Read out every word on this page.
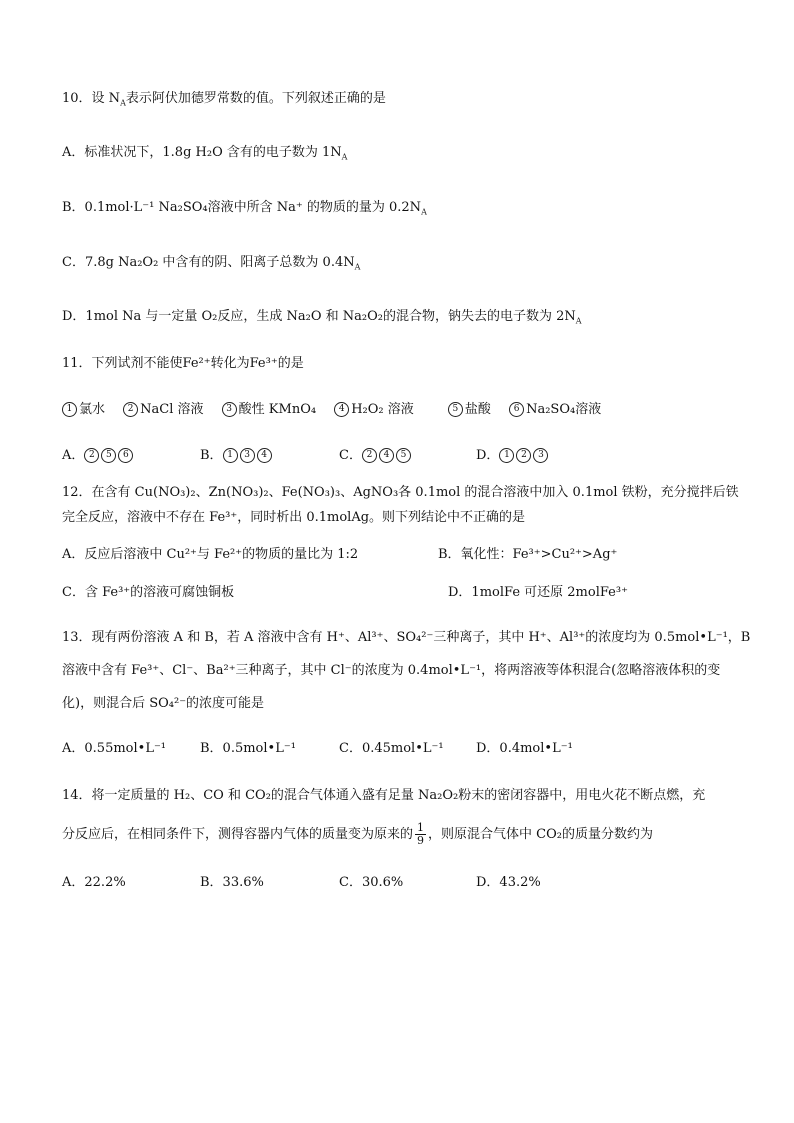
10．设 $N_A$表示阿伏加德罗常数的值。下列叙述正确的是
A．标准状况下，1.8g H₂O 含有的电子数为 $1N_A$
B．0.1mol·L⁻¹ Na₂SO₄溶液中所含 Na⁺ 的物质的量为 $0.2N_A$
C．7.8g Na₂O₂ 中含有的阴、阳离子总数为 $0.4N_A$
D．1mol Na 与一定量 O₂反应，生成 Na₂O 和 Na₂O₂的混合物，钠失去的电子数为 $2N_A$
11．下列试剂不能使Fe²⁺转化为Fe³⁺的是
1 氯水	2 NaCl 溶液	3 酸性 KMnO₄	4 H₂O₂ 溶液	5 盐酸	6 Na₂SO₄溶液
A． 2 5 6	B． 1 3 4	C． 2 4 5	D． 1 2 3
12．在含有 Cu(NO₃)₂、Zn(NO₃)₂、Fe(NO₃)₃、AgNO₃各 0.1mol 的混合溶液中加入 0.1mol 铁粉，充分搅拌后铁
完全反应，溶液中不存在 Fe³⁺，同时析出 0.1molAg。则下列结论中不正确的是
A．反应后溶液中 Cu²⁺与 Fe²⁺的物质的量比为 1:2	B．氧化性：Fe³⁺>Cu²⁺>Ag⁺
C．含 Fe³⁺的溶液可腐蚀铜板	D．1molFe 可还原 2molFe³⁺
13．现有两份溶液 A 和 B，若 A 溶液中含有 H⁺、Al³⁺、SO₄²⁻三种离子，其中 H⁺、Al³⁺的浓度均为 0.5mol•L⁻¹，B
溶液中含有 Fe³⁺、Cl⁻、Ba²⁺三种离子，其中 Cl⁻的浓度为 0.4mol•L⁻¹，将两溶液等体积混合(忽略溶液体积的变
化)，则混合后 SO₄²⁻的浓度可能是
A．0.55mol•L⁻¹	B．0.5mol•L⁻¹	C．0.45mol•L⁻¹ D．0.4mol•L⁻¹
14．将一定质量的 H₂、CO 和 CO₂的混合气体通入盛有足量 Na₂O₂粉末的密闭容器中，用电火花不断点燃，充
分反应后，在相同条件下，测得容器内气体的质量变为原来的 $\frac{1}{9}$ ，则原混合气体中 CO₂的质量分数约为
A．22.2%	B．33.6%	C．30.6%	D．43.2%
